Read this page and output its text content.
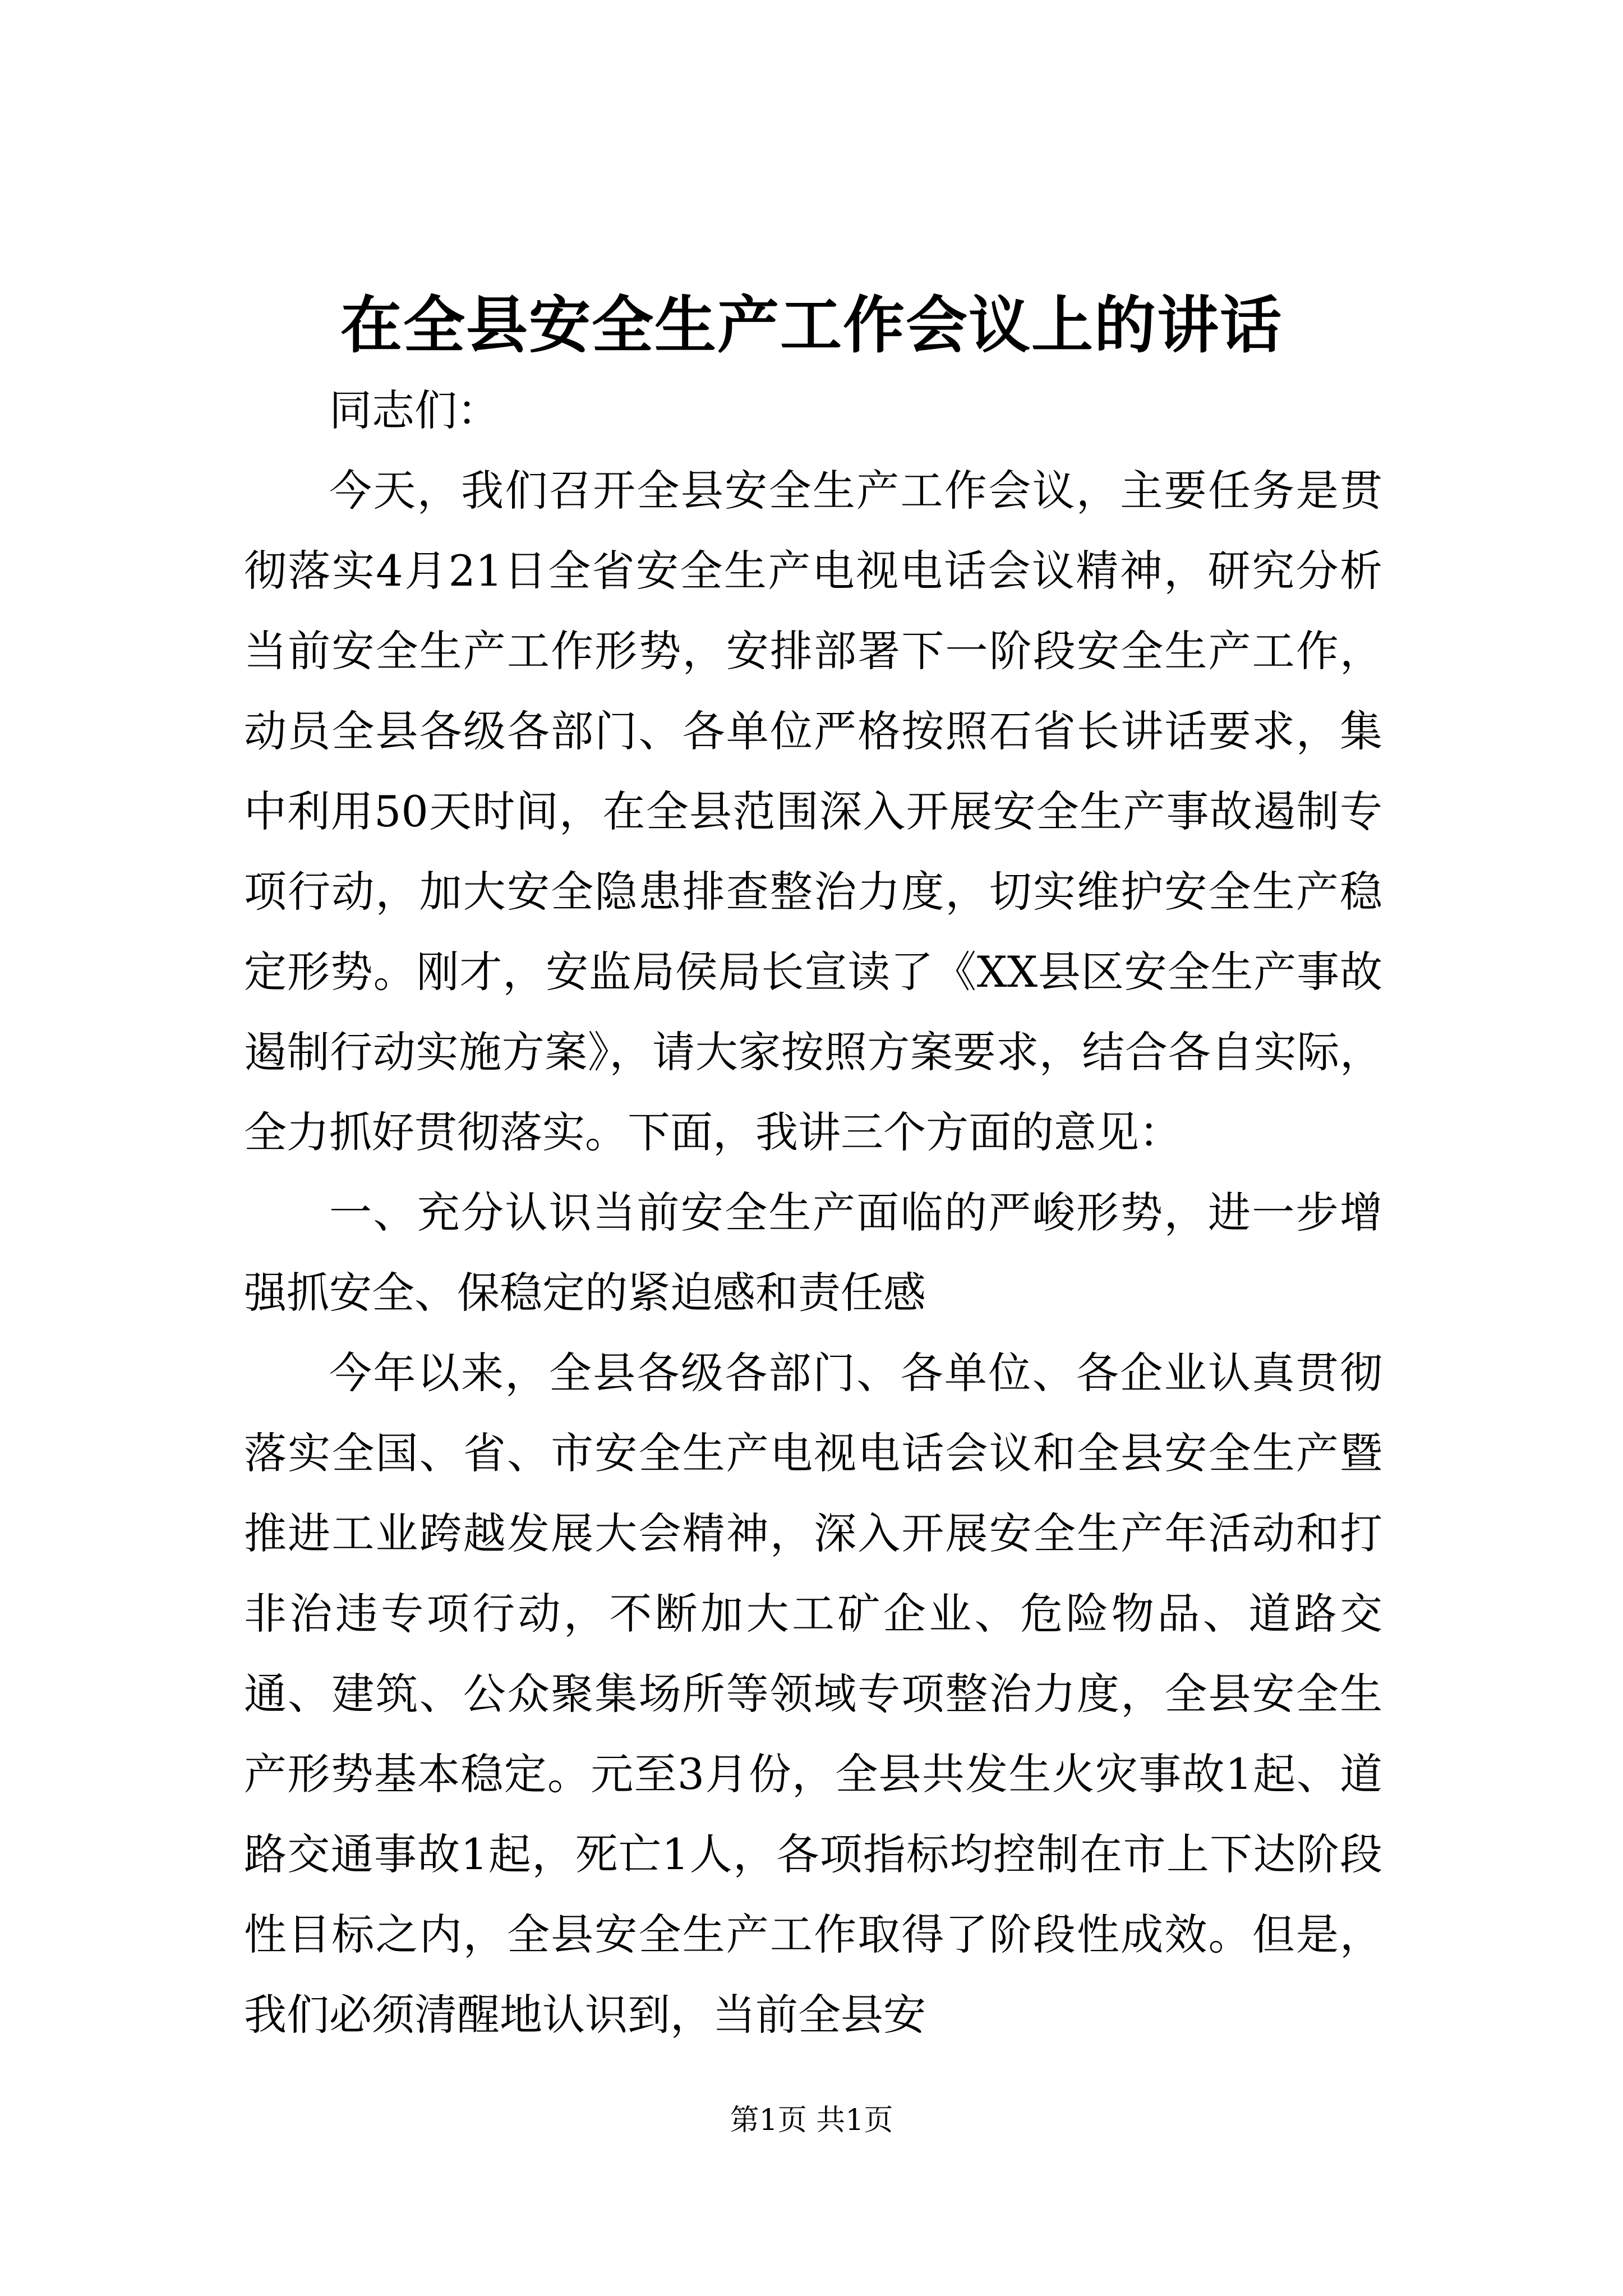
在全县安全生产工作会议上的讲话

同志们：

今天，我们召开全县安全生产工作会议，主要任务是贯彻落实4月21日全省安全生产电视电话会议精神，研究分析当前安全生产工作形势，安排部署下一阶段安全生产工作，动员全县各级各部门、各单位严格按照石省长讲话要求，集中利用50天时间，在全县范围深入开展安全生产事故遏制专项行动，加大安全隐患排查整治力度，切实维护安全生产稳定形势。刚才，安监局侯局长宣读了《XX县区安全生产事故遏制行动实施方案》，请大家按照方案要求，结合各自实际，全力抓好贯彻落实。下面，我讲三个方面的意见：

一、充分认识当前安全生产面临的严峻形势，进一步增强抓安全、保稳定的紧迫感和责任感

今年以来，全县各级各部门、各单位、各企业认真贯彻落实全国、省、市安全生产电视电话会议和全县安全生产暨推进工业跨越发展大会精神，深入开展安全生产年活动和打非治违专项行动，不断加大工矿企业、危险物品、道路交通、建筑、公众聚集场所等领域专项整治力度，全县安全生产形势基本稳定。元至3月份，全县共发生火灾事故1起、道路交通事故1起，死亡1人，各项指标均控制在市上下达阶段性目标之内，全县安全生产工作取得了阶段性成效。但是，我们必须清醒地认识到，当前全县安

第1页 共1页
